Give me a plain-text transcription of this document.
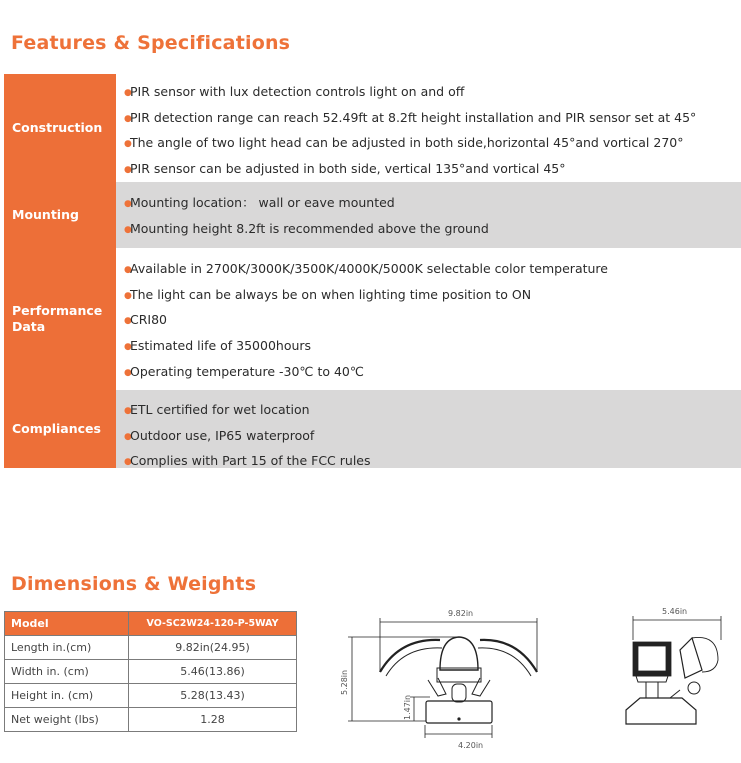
Features & Specifications
Construction
●PIR sensor with lux detection controls light on and off
●PIR detection range can reach 52.49ft at 8.2ft height installation and PIR sensor set at 45°
●The angle of two light head can be adjusted in both side,horizontal 45°and vortical 270°
●PIR sensor can be adjusted in both side, vertical 135°and vortical 45°
Mounting
●Mounting location： wall or eave mounted
●Mounting height 8.2ft is recommended above the ground
Performance
Data
●Available in 2700K/3000K/3500K/4000K/5000K selectable color temperature
●The light can be always be on when lighting time position to ON
●CRI80
●Estimated life of 35000hours
●Operating temperature -30℃ to 40℃
Compliances
●ETL certified for wet location
●Outdoor use, IP65 waterproof
●Complies with Part 15 of the FCC rules
Dimensions & Weights
Model	VO-SC2W24-120-P-5WAY
Length in.(cm)	9.82in(24.95)
Width in. (cm)	5.46(13.86)
Height in. (cm)	5.28(13.43)
Net weight (lbs)	1.28
9.82in
4.20in
5.28in
1.47in
5.46in
